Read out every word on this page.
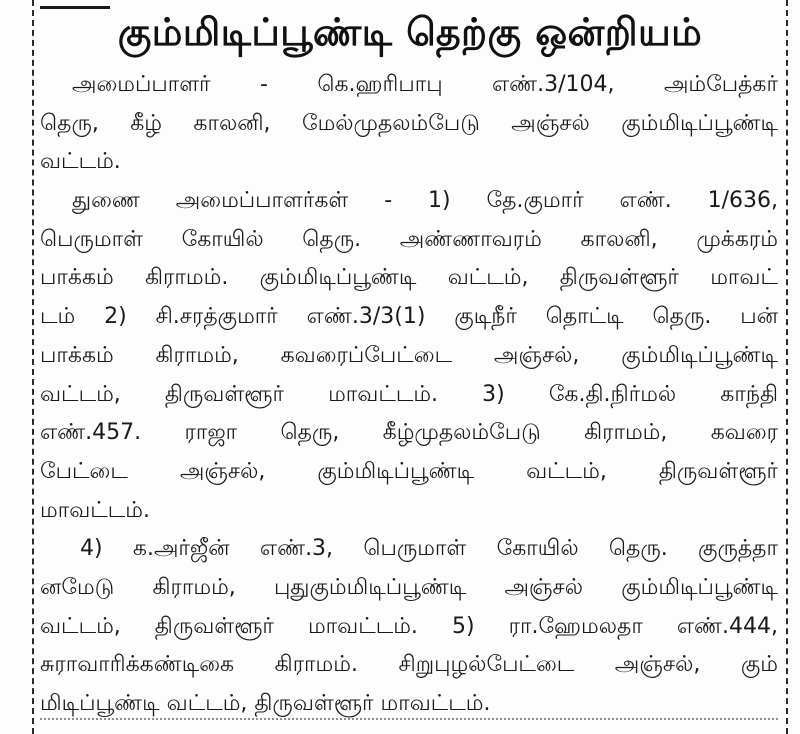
கும்மிடிப்பூண்டி தெற்கு ஒன்றியம்
அமைப்பாளர் - கெ.ஹரிபாபு எண்.3/104, அம்பேத்கர்
தெரு, கீழ் காலனி, மேல்முதலம்பேடு அஞ்சல் கும்மிடிப்பூண்டி
வட்டம்.
துணை அமைப்பாளர்கள் - 1) தே.குமார் எண். 1/636,
பெருமாள் கோயில் தெரு. அண்ணாவரம் காலனி, முக்கரம்
பாக்கம் கிராமம். கும்மிடிப்பூண்டி வட்டம், திருவள்ளூர் மாவட்
டம் 2) சி.சரத்குமார் எண்.3/3(1) குடிநீர் தொட்டி தெரு. பன்
பாக்கம் கிராமம், கவரைப்பேட்டை அஞ்சல், கும்மிடிப்பூண்டி
வட்டம், திருவள்ளூர் மாவட்டம். 3) கே.தி.நிர்மல் காந்தி
எண்.457. ராஜா தெரு, கீழ்முதலம்பேடு கிராமம், கவரை
பேட்டை அஞ்சல், கும்மிடிப்பூண்டி வட்டம், திருவள்ளூர்
மாவட்டம்.
4) க.அர்ஜீன் எண்.3, பெருமாள் கோயில் தெரு. குருத்தா
னமேடு கிராமம், புதுகும்மிடிப்பூண்டி அஞ்சல் கும்மிடிப்பூண்டி
வட்டம், திருவள்ளூர் மாவட்டம். 5) ரா.ஹேமலதா எண்.444,
சுராவாரிக்கண்டிகை கிராமம். சிறுபுழல்பேட்டை அஞ்சல், கும்
மிடிப்பூண்டி வட்டம், திருவள்ளூர் மாவட்டம்.
